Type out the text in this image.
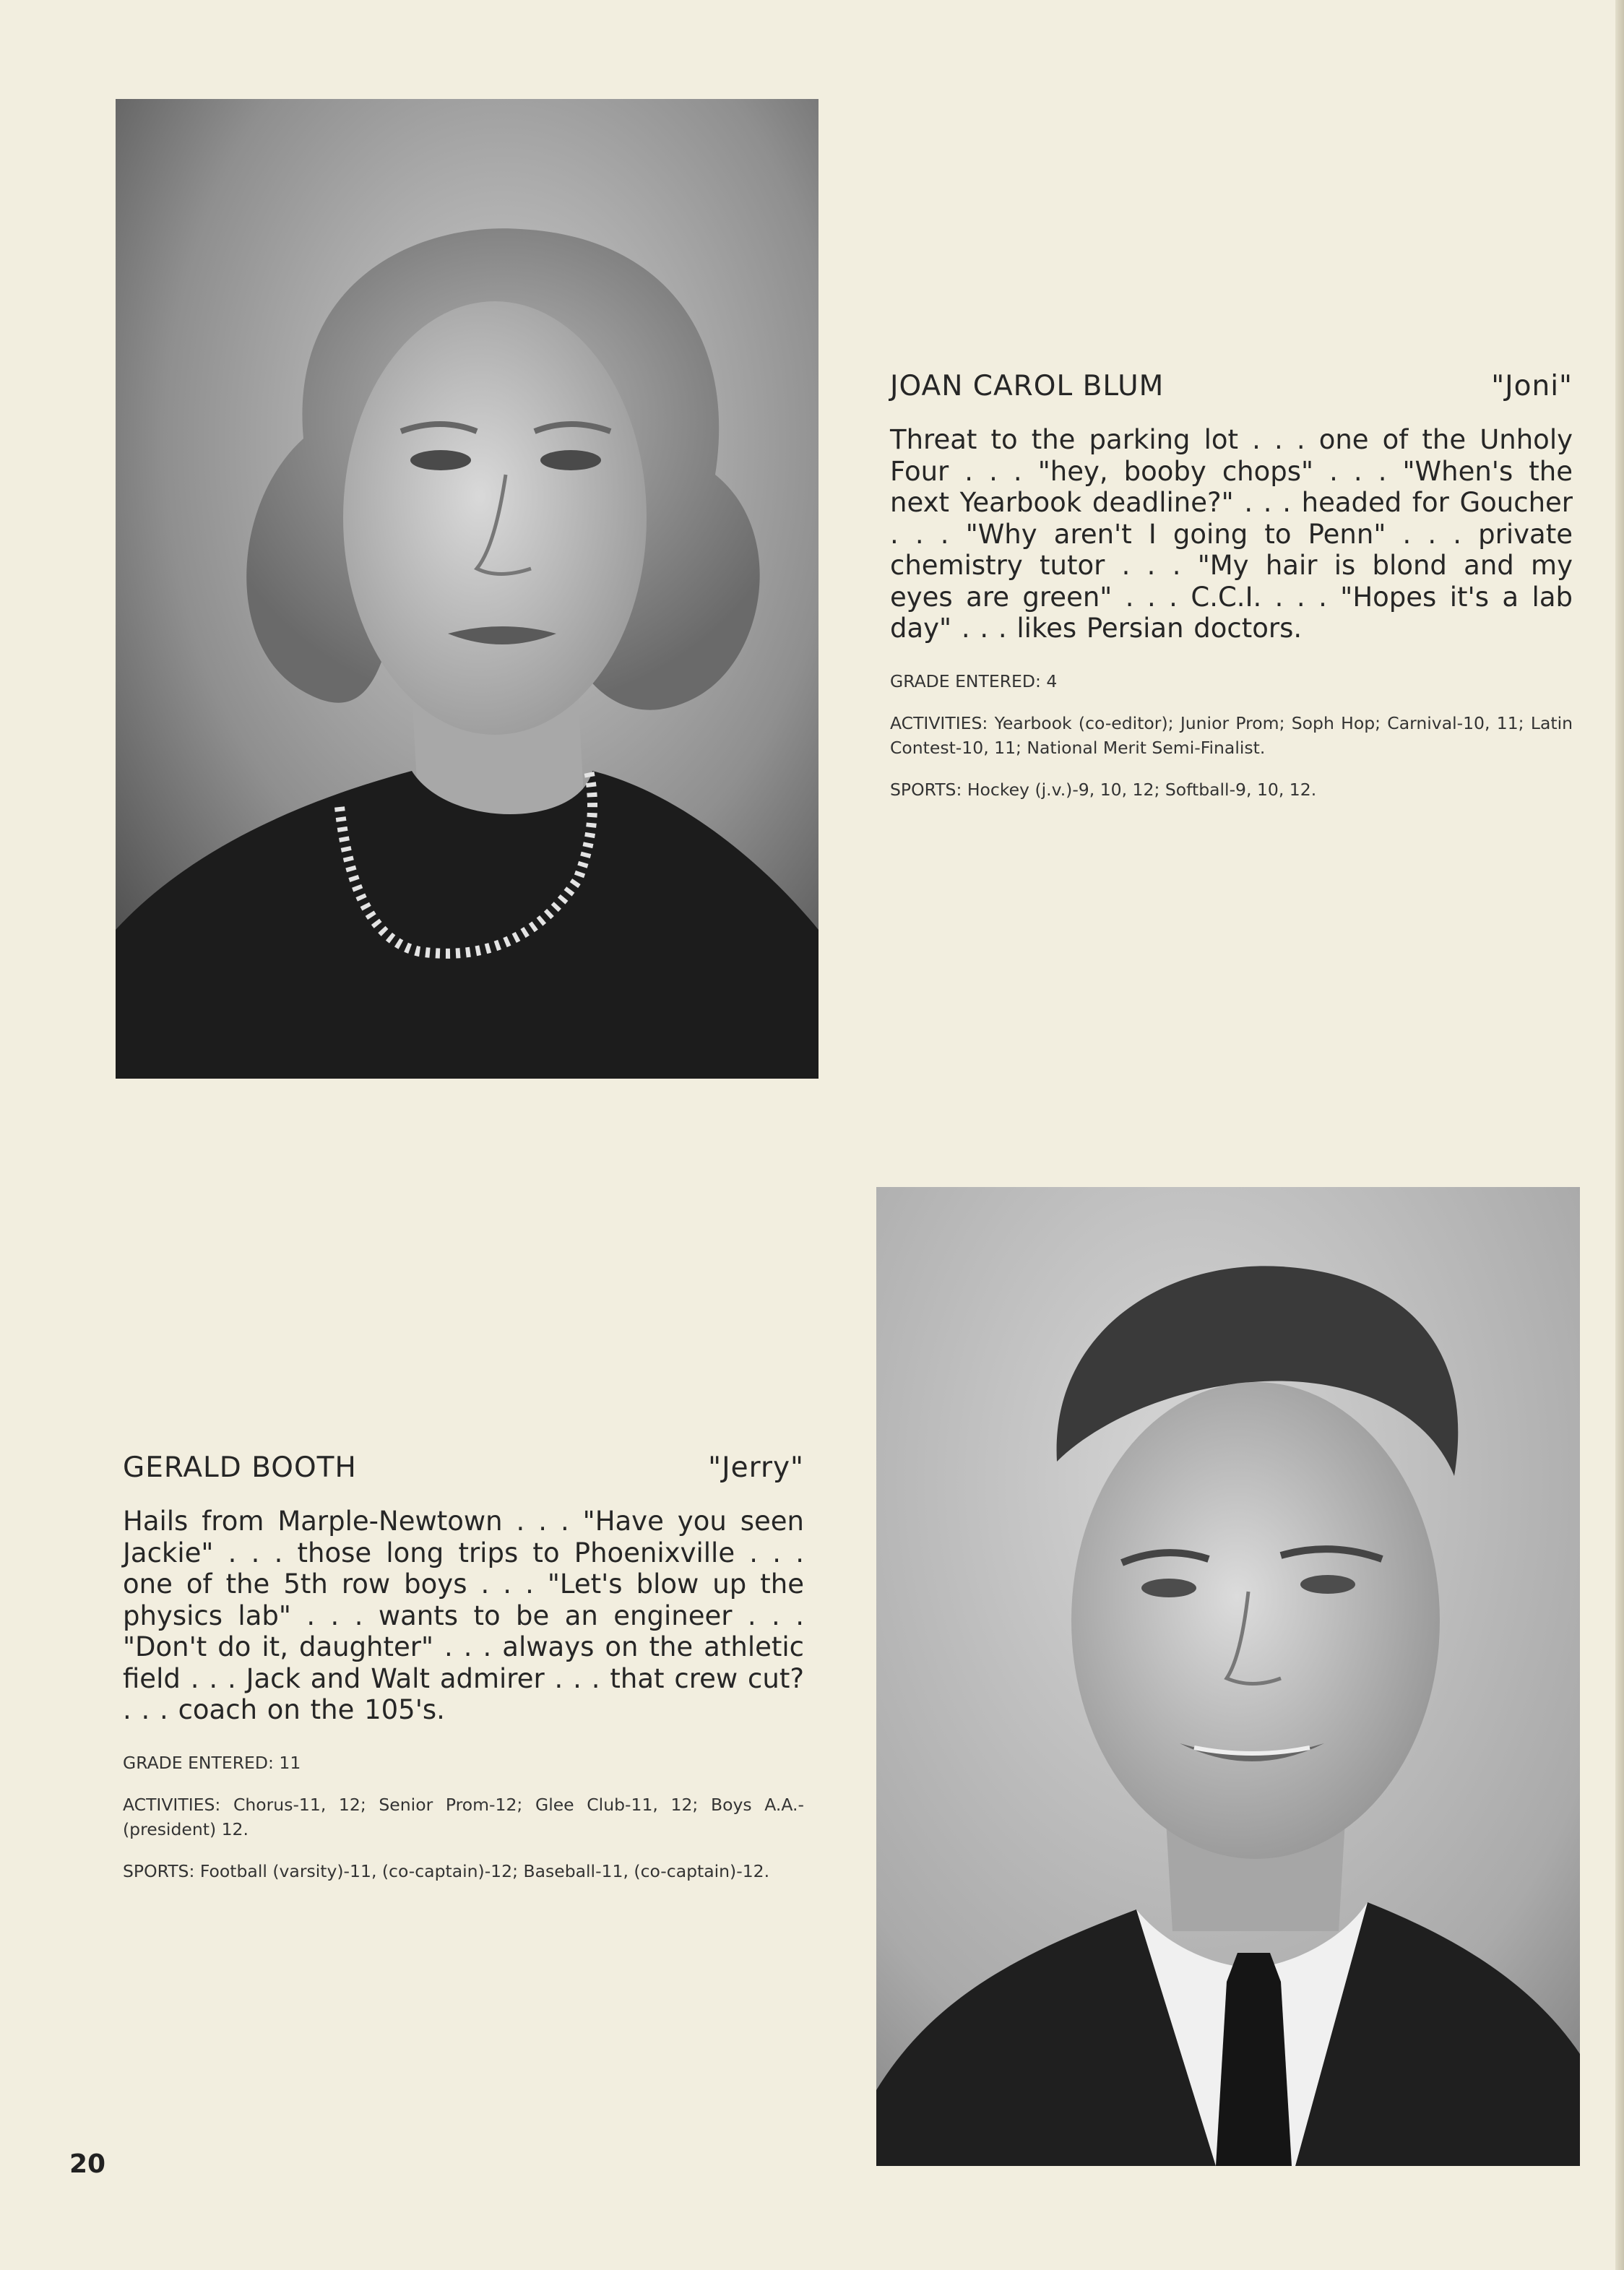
JOAN CAROL BLUM	"Joni"

Threat to the parking lot . . . one of the Unholy Four . . . "hey, booby chops" . . . "When's the next Yearbook deadline?" . . . headed for Goucher . . . "Why aren't I going to Penn" . . . private chemistry tutor . . . "My hair is blond and my eyes are green" . . . C.C.I. . . . "Hopes it's a lab day" . . . likes Persian doctors.

GRADE ENTERED: 4

ACTIVITIES: Yearbook (co-editor); Junior Prom; Soph Hop; Carnival-10, 11; Latin Contest-10, 11; National Merit Semi-Finalist.

SPORTS: Hockey (j.v.)-9, 10, 12; Softball-9, 10, 12.

GERALD BOOTH	"Jerry"

Hails from Marple-Newtown . . . "Have you seen Jackie" . . . those long trips to Phoenixville . . . one of the 5th row boys . . . "Let's blow up the physics lab" . . . wants to be an engineer . . . "Don't do it, daughter" . . . always on the athletic field . . . Jack and Walt admirer . . . that crew cut? . . . coach on the 105's.

GRADE ENTERED: 11

ACTIVITIES: Chorus-11, 12; Senior Prom-12; Glee Club-11, 12; Boys A.A.-(president) 12.

SPORTS: Football (varsity)-11, (co-captain)-12; Baseball-11, (co-captain)-12.

20
